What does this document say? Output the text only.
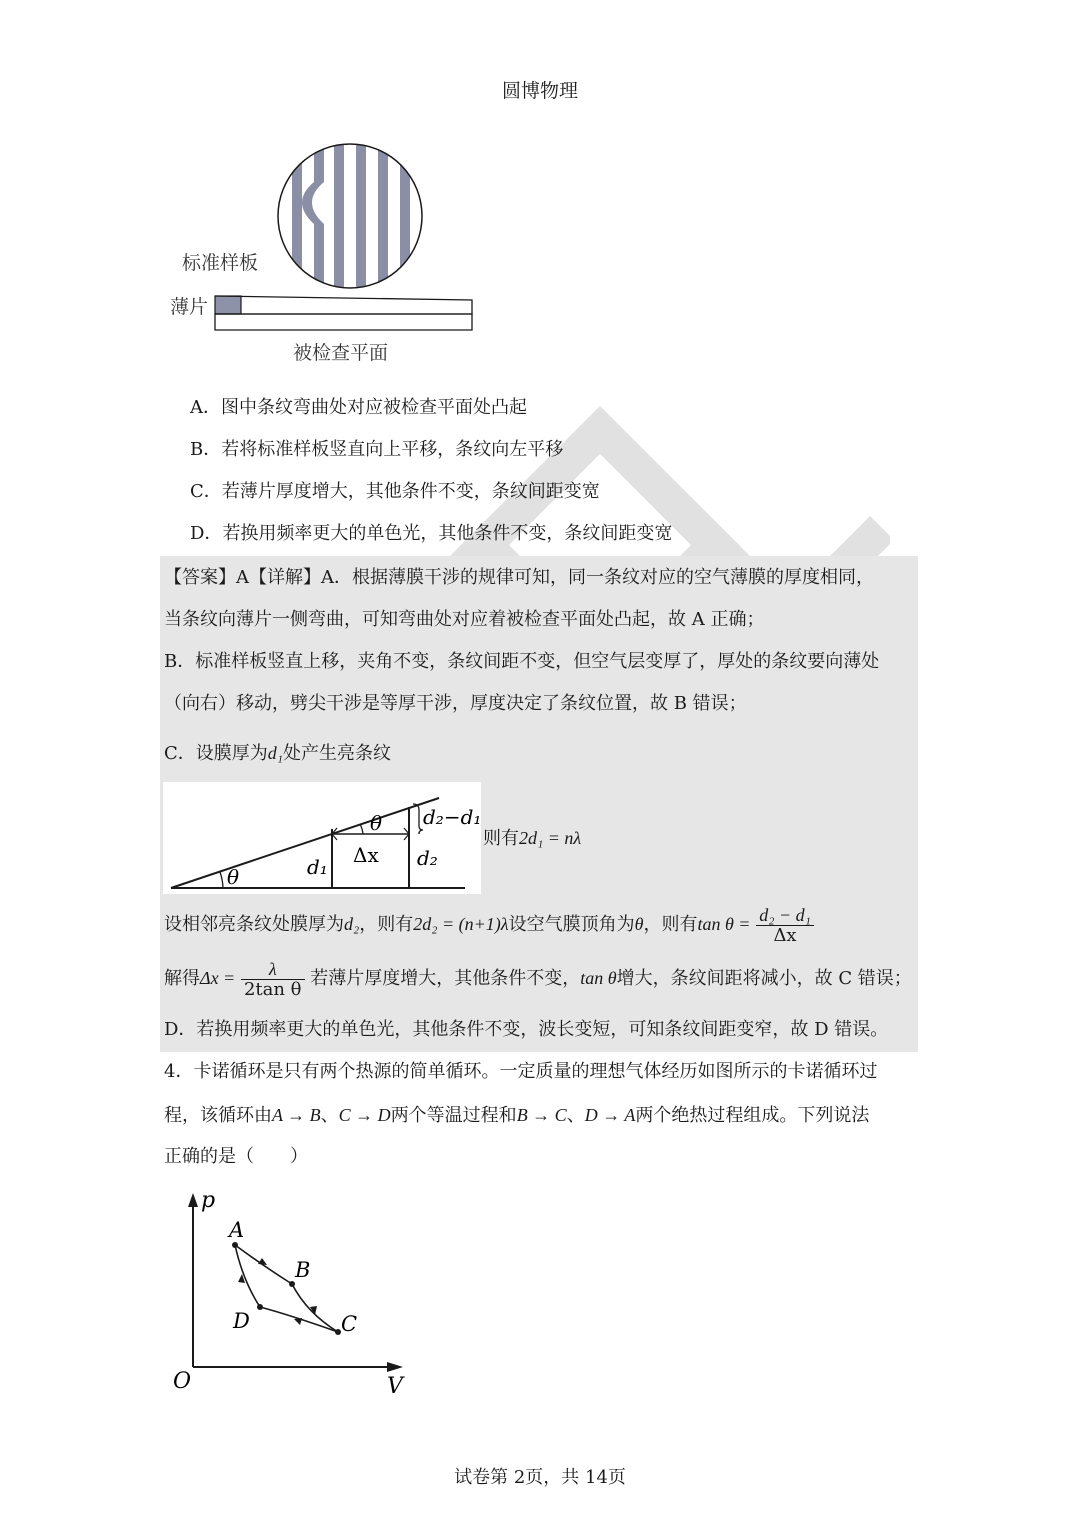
圆博物理
标准样板
薄片
被检查平面
A．图中条纹弯曲处对应被检查平面处凸起
B．若将标准样板竖直向上平移，条纹向左平移
C．若薄片厚度增大，其他条件不变，条纹间距变宽
D．若换用频率更大的单色光，其他条件不变，条纹间距变宽
【答案】A【详解】A．根据薄膜干涉的规律可知，同一条纹对应的空气薄膜的厚度相同，
当条纹向薄片一侧弯曲，可知弯曲处对应着被检查平面处凸起，故 A 正确；
B．标准样板竖直上移，夹角不变，条纹间距不变，但空气层变厚了，厚处的条纹要向薄处
（向右）移动，劈尖干涉是等厚干涉，厚度决定了条纹位置，故 B 错误；
C．设膜厚为d₁处产生亮条纹
θ
θ
Δx
d₁	d₂
d₂−d₁
则有2d₁ = nλ
设相邻亮条纹处膜厚为d₂，则有2d₂ = (n+1)λ设空气膜顶角为θ，则有$\tan \theta = \frac{\text{d₂ − d₁}}{\Delta x}$
解得$\Delta x = \frac{\lambda}{\text{2tan θ}}$ 若薄片厚度增大，其他条件不变，tan θ增大，条纹间距将减小，故 C 错误；
D．若换用频率更大的单色光，其他条件不变，波长变短，可知条纹间距变窄，故 D 错误。
4．卡诺循环是只有两个热源的简单循环。一定质量的理想气体经历如图所示的卡诺循环过
程，该循环由A → B、C → D两个等温过程和B → C、D → A两个绝热过程组成。下列说法
正确的是（　　）
p
V
O
A
B
C
D
试卷第 2页，共 14页
